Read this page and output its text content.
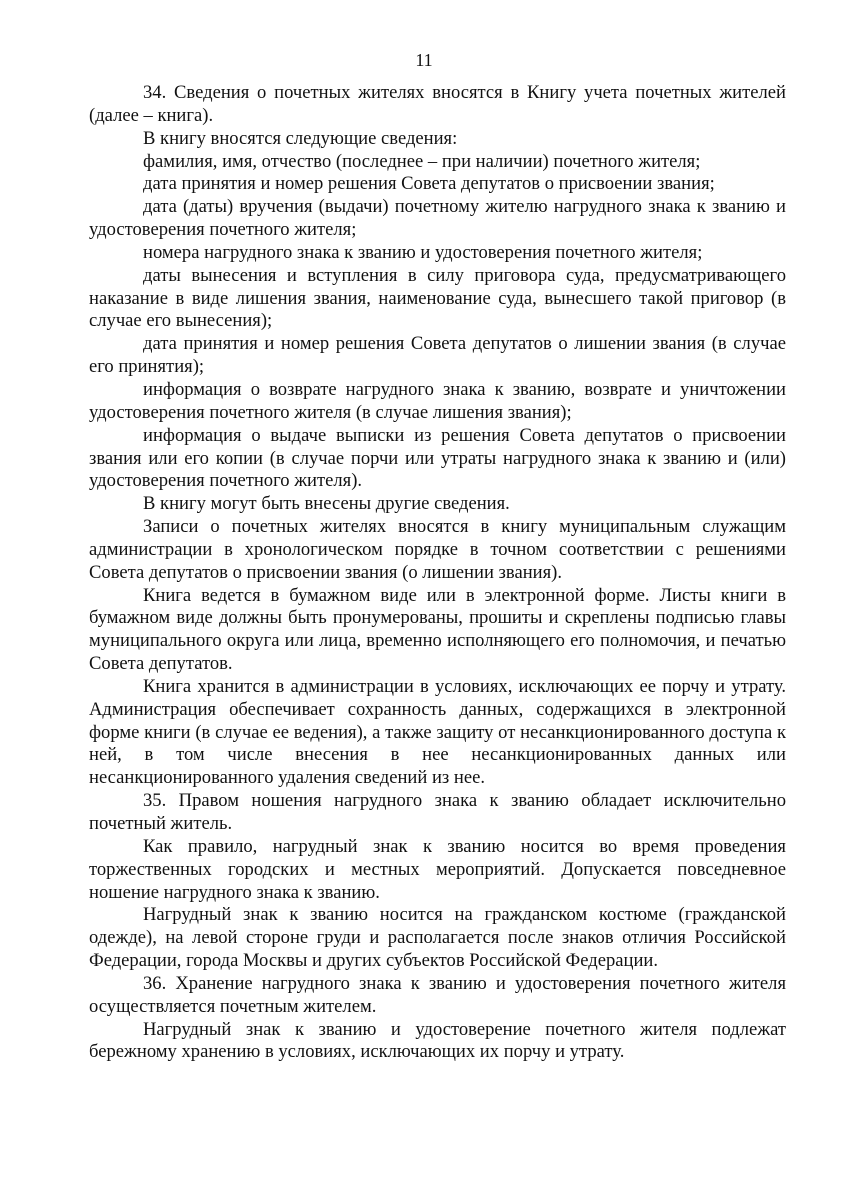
11

34. Сведения о почетных жителях вносятся в Книгу учета почетных жителей (далее – книга).

В книгу вносятся следующие сведения:

фамилия, имя, отчество (последнее – при наличии) почетного жителя;

дата принятия и номер решения Совета депутатов о присвоении звания;

дата (даты) вручения (выдачи) почетному жителю нагрудного знака к званию и удостоверения почетного жителя;

номера нагрудного знака к званию и удостоверения почетного жителя;

даты вынесения и вступления в силу приговора суда, предусматривающего наказание в виде лишения звания, наименование суда, вынесшего такой приговор (в случае его вынесения);

дата принятия и номер решения Совета депутатов о лишении звания (в случае его принятия);

информация о возврате нагрудного знака к званию, возврате и уничтожении удостоверения почетного жителя (в случае лишения звания);

информация о выдаче выписки из решения Совета депутатов о присвоении звания или его копии (в случае порчи или утраты нагрудного знака к званию и (или) удостоверения почетного жителя).

В книгу могут быть внесены другие сведения.

Записи о почетных жителях вносятся в книгу муниципальным служащим администрации в хронологическом порядке в точном соответствии с решениями Совета депутатов о присвоении звания (о лишении звания).

Книга ведется в бумажном виде или в электронной форме. Листы книги в бумажном виде должны быть пронумерованы, прошиты и скреплены подписью главы муниципального округа или лица, временно исполняющего его полномочия, и печатью Совета депутатов.

Книга хранится в администрации в условиях, исключающих ее порчу и утрату. Администрация обеспечивает сохранность данных, содержащихся в электронной форме книги (в случае ее ведения), а также защиту от несанкционированного доступа к ней, в том числе внесения в нее несанкционированных данных или несанкционированного удаления сведений из нее.

35. Правом ношения нагрудного знака к званию обладает исключительно почетный житель.

Как правило, нагрудный знак к званию носится во время проведения торжественных городских и местных мероприятий. Допускается повседневное ношение нагрудного знака к званию.

Нагрудный знак к званию носится на гражданском костюме (гражданской одежде), на левой стороне груди и располагается после знаков отличия Российской Федерации, города Москвы и других субъектов Российской Федерации.

36. Хранение нагрудного знака к званию и удостоверения почетного жителя осуществляется почетным жителем.

Нагрудный знак к званию и удостоверение почетного жителя подлежат бережному хранению в условиях, исключающих их порчу и утрату.
